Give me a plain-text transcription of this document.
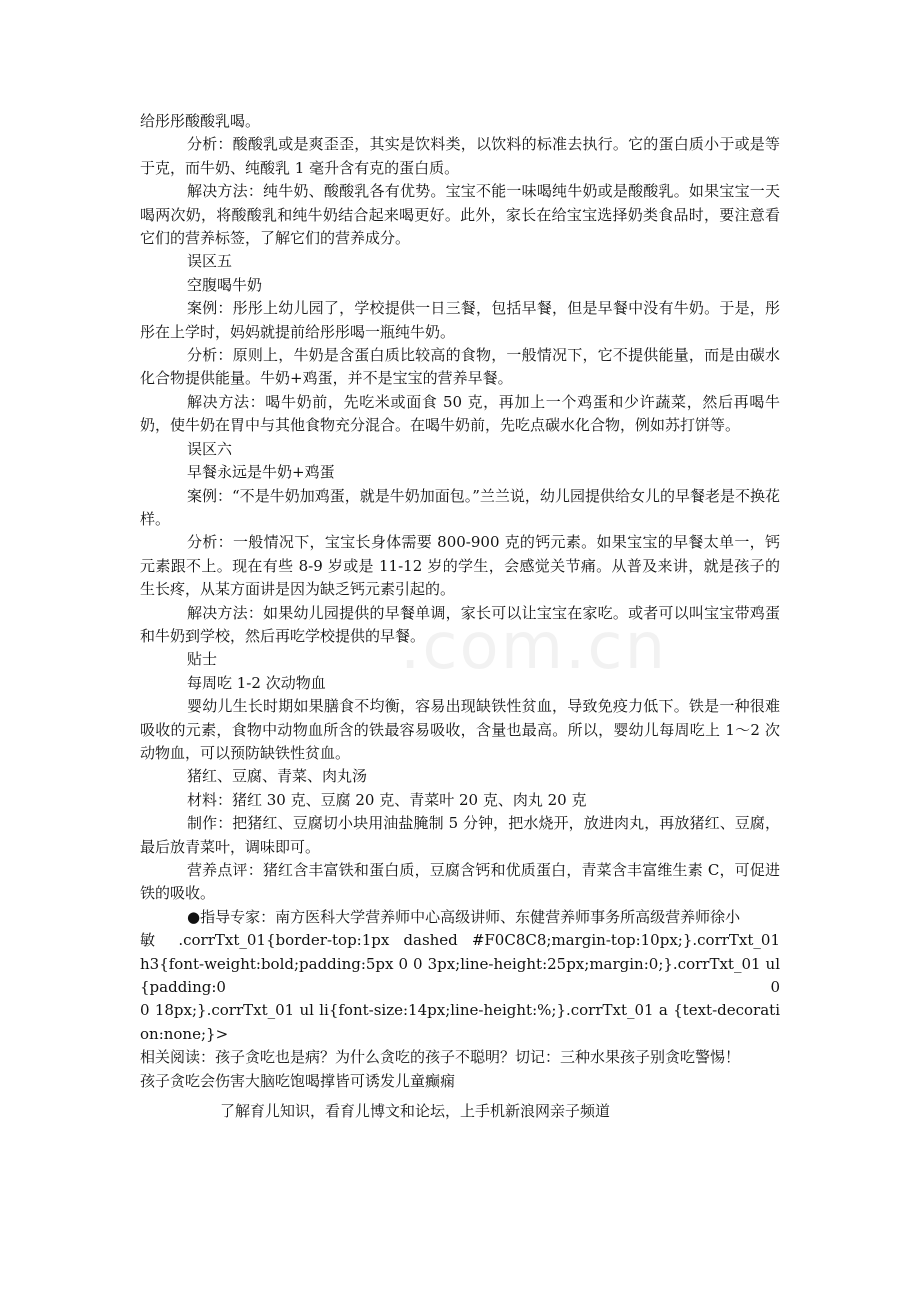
.com.cn

给彤彤酸酸乳喝。

分析：酸酸乳或是爽歪歪，其实是饮料类，以饮料的标准去执行。它的蛋白质小于或是等于克，而牛奶、纯酸乳 1 毫升含有克的蛋白质。

解决方法：纯牛奶、酸酸乳各有优势。宝宝不能一味喝纯牛奶或是酸酸乳。如果宝宝一天喝两次奶，将酸酸乳和纯牛奶结合起来喝更好。此外，家长在给宝宝选择奶类食品时，要注意看它们的营养标签，了解它们的营养成分。

误区五

空腹喝牛奶

案例：彤彤上幼儿园了，学校提供一日三餐，包括早餐，但是早餐中没有牛奶。于是，彤彤在上学时，妈妈就提前给彤彤喝一瓶纯牛奶。

分析：原则上，牛奶是含蛋白质比较高的食物，一般情况下，它不提供能量，而是由碳水化合物提供能量。牛奶+鸡蛋，并不是宝宝的营养早餐。

解决方法：喝牛奶前，先吃米或面食 50 克，再加上一个鸡蛋和少许蔬菜，然后再喝牛奶，使牛奶在胃中与其他食物充分混合。在喝牛奶前，先吃点碳水化合物，例如苏打饼等。

误区六

早餐永远是牛奶+鸡蛋

案例：“不是牛奶加鸡蛋，就是牛奶加面包。”兰兰说，幼儿园提供给女儿的早餐老是不换花样。

分析：一般情况下，宝宝长身体需要 800-900 克的钙元素。如果宝宝的早餐太单一，钙元素跟不上。现在有些 8-9 岁或是 11-12 岁的学生，会感觉关节痛。从普及来讲，就是孩子的生长疼，从某方面讲是因为缺乏钙元素引起的。

解决方法：如果幼儿园提供的早餐单调，家长可以让宝宝在家吃。或者可以叫宝宝带鸡蛋和牛奶到学校，然后再吃学校提供的早餐。

贴士

每周吃 1-2 次动物血

婴幼儿生长时期如果膳食不均衡，容易出现缺铁性贫血，导致免疫力低下。铁是一种很难吸收的元素，食物中动物血所含的铁最容易吸收，含量也最高。所以，婴幼儿每周吃上 1～2 次动物血，可以预防缺铁性贫血。

猪红、豆腐、青菜、肉丸汤

材料：猪红 30 克、豆腐 20 克、青菜叶 20 克、肉丸 20 克

制作：把猪红、豆腐切小块用油盐腌制 5 分钟，把水烧开，放进肉丸，再放猪红、豆腐，最后放青菜叶，调味即可。

营养点评：猪红含丰富铁和蛋白质，豆腐含钙和优质蛋白，青菜含丰富维生素 C，可促进铁的吸收。

●指导专家：南方医科大学营养师中心高级讲师、东健营养师事务所高级营养师徐小

敏 .corrTxt_01{border-top:1px dashed #F0C8C8;margin-top:10px;}.corrTxt_01

h3{font-weight:bold;padding:5px 0 0 3px;line-height:25px;margin:0;}.corrTxt_01 ul{padding:0 0

0 18px;}.corrTxt_01 ul li{font-size:14px;line-height:%;}.corrTxt_01 a {text-decoration:none;}>

相关阅读：孩子贪吃也是病？为什么贪吃的孩子不聪明？切记：三种水果孩子别贪吃警惕！

孩子贪吃会伤害大脑吃饱喝撑皆可诱发儿童癫痫

了解育儿知识，看育儿博文和论坛，上手机新浪网亲子频道
